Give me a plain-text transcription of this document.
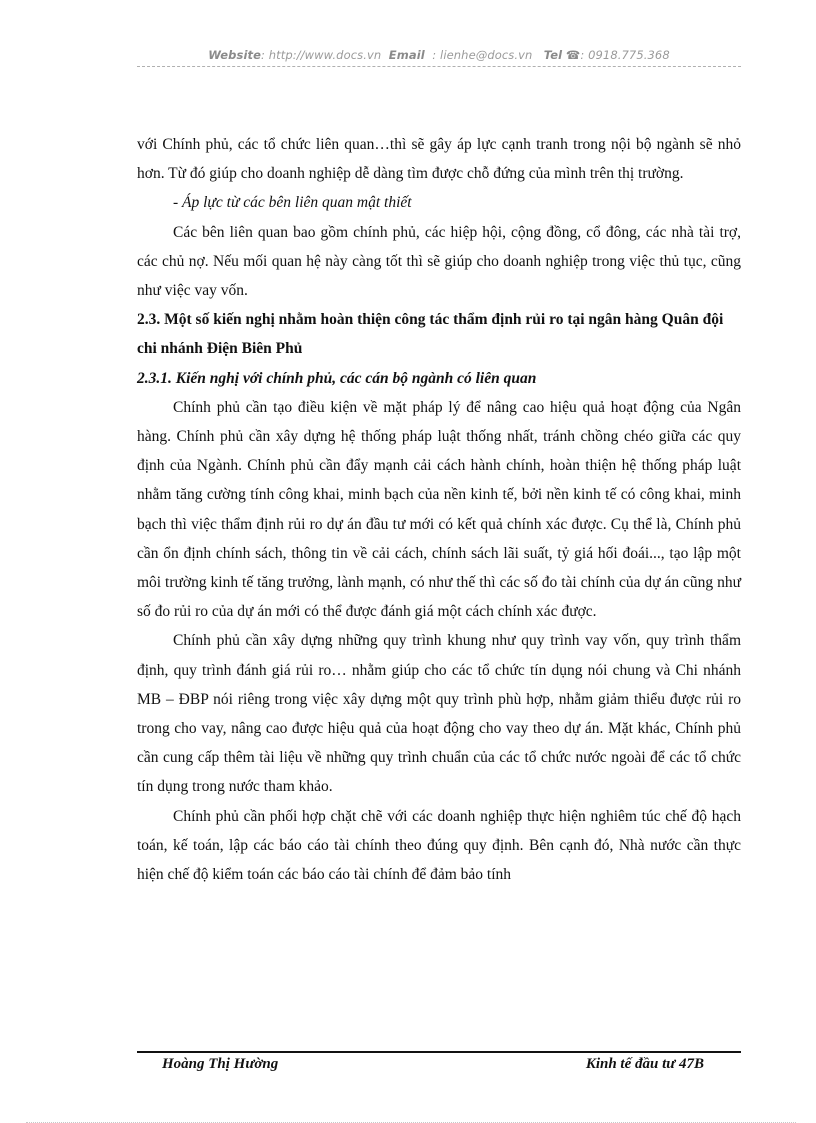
Website: http://www.docs.vn Email : lienhe@docs.vn Tel ☎: 0918.775.368

với Chính phủ, các tổ chức liên quan…thì sẽ gây áp lực cạnh tranh trong nội bộ ngành sẽ nhỏ hơn. Từ đó giúp cho doanh nghiệp dễ dàng tìm được chỗ đứng của mình trên thị trường.

- Áp lực từ các bên liên quan mật thiết

Các bên liên quan bao gồm chính phủ, các hiệp hội, cộng đồng, cổ đông, các nhà tài trợ, các chủ nợ. Nếu mối quan hệ này càng tốt thì sẽ giúp cho doanh nghiệp trong việc thủ tục, cũng như việc vay vốn.

2.3. Một số kiến nghị nhằm hoàn thiện công tác thẩm định rủi ro tại ngân hàng Quân đội chi nhánh Điện Biên Phủ

2.3.1. Kiến nghị với chính phủ, các cán bộ ngành có liên quan

Chính phủ cần tạo điều kiện về mặt pháp lý để nâng cao hiệu quả hoạt động của Ngân hàng. Chính phủ cần xây dựng hệ thống pháp luật thống nhất, tránh chồng chéo giữa các quy định của Ngành. Chính phủ cần đẩy mạnh cải cách hành chính, hoàn thiện hệ thống pháp luật nhằm tăng cường tính công khai, minh bạch của nền kinh tế, bởi nền kinh tế có công khai, minh bạch thì việc thẩm định rủi ro dự án đầu tư mới có kết quả chính xác được. Cụ thể là, Chính phủ cần ổn định chính sách, thông tin về cải cách, chính sách lãi suất, tỷ giá hối đoái..., tạo lập một môi trường kinh tế tăng trưởng, lành mạnh, có như thế thì các số đo tài chính của dự án cũng như số đo rủi ro của dự án mới có thể được đánh giá một cách chính xác được.

Chính phủ cần xây dựng những quy trình khung như quy trình vay vốn, quy trình thẩm định, quy trình đánh giá rủi ro… nhằm giúp cho các tổ chức tín dụng nói chung và Chi nhánh MB – ĐBP nói riêng trong việc xây dựng một quy trình phù hợp, nhằm giảm thiểu được rủi ro trong cho vay, nâng cao được hiệu quả của hoạt động cho vay theo dự án. Mặt khác, Chính phủ cần cung cấp thêm tài liệu về những quy trình chuẩn của các tổ chức nước ngoài để các tổ chức tín dụng trong nước tham khảo.

Chính phủ cần phối hợp chặt chẽ với các doanh nghiệp thực hiện nghiêm túc chế độ hạch toán, kế toán, lập các báo cáo tài chính theo đúng quy định. Bên cạnh đó, Nhà nước cần thực hiện chế độ kiểm toán các báo cáo tài chính để đảm bảo tính

Hoàng Thị Hường	Kinh tế đầu tư 47B
